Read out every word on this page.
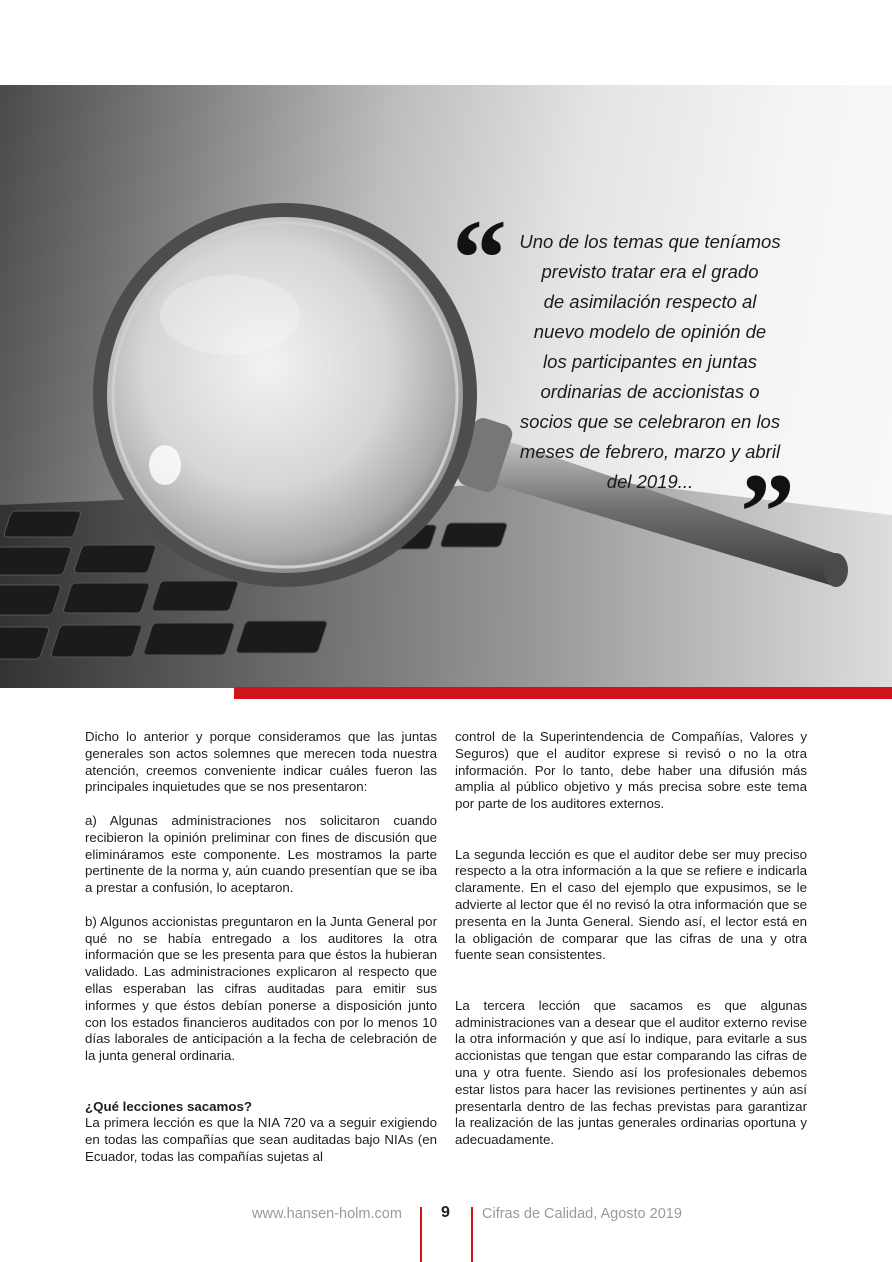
“ Uno de los temas que teníamos
previsto tratar era el grado
de asimilación respecto al
nuevo modelo de opinión de
los participantes en juntas
ordinarias de accionistas o
socios que se celebraron en los
meses de febrero, marzo y abril
del 2019... ”

Dicho lo anterior y porque consideramos que las juntas generales son actos solemnes que merecen toda nuestra atención, creemos conveniente indicar cuáles fueron las principales inquietudes que se nos presentaron:

a) Algunas administraciones nos solicitaron cuando recibieron la opinión preliminar con fines de discusión que elimináramos este componente. Les mostramos la parte pertinente de la norma y, aún cuando presentían que se iba a prestar a confusión, lo aceptaron.

b) Algunos accionistas preguntaron en la Junta General por qué no se había entregado a los auditores la otra información que se les presenta para que éstos la hubieran validado. Las administraciones explicaron al respecto que ellas esperaban las cifras auditadas para emitir sus informes y que éstos debían ponerse a disposición junto con los estados financieros auditados con por lo menos 10 días laborales de anticipación a la fecha de celebración de la junta general ordinaria.

¿Qué lecciones sacamos?

La primera lección es que la NIA 720 va a seguir exigiendo en todas las compañías que sean auditadas bajo NIAs (en Ecuador, todas las compañías sujetas al

control de la Superintendencia de Compañías, Valores y Seguros) que el auditor exprese si revisó o no la otra información. Por lo tanto, debe haber una difusión más amplia al público objetivo y más precisa sobre este tema por parte de los auditores externos.

La segunda lección es que el auditor debe ser muy preciso respecto a la otra información a la que se refiere e indicarla claramente. En el caso del ejemplo que expusimos, se le advierte al lector que él no revisó la otra información que se presenta en la Junta General. Siendo así, el lector está en la obligación de comparar que las cifras de una y otra fuente sean consistentes.

La tercera lección que sacamos es que algunas administraciones van a desear que el auditor externo revise la otra información y que así lo indique, para evitarle a sus accionistas que tengan que estar comparando las cifras de una y otra fuente. Siendo así los profesionales debemos estar listos para hacer las revisiones pertinentes y aún así presentarla dentro de las fechas previstas para garantizar la realización de las juntas generales ordinarias oportuna y adecuadamente.

www.hansen-holm.com 9 Cifras de Calidad, Agosto 2019
